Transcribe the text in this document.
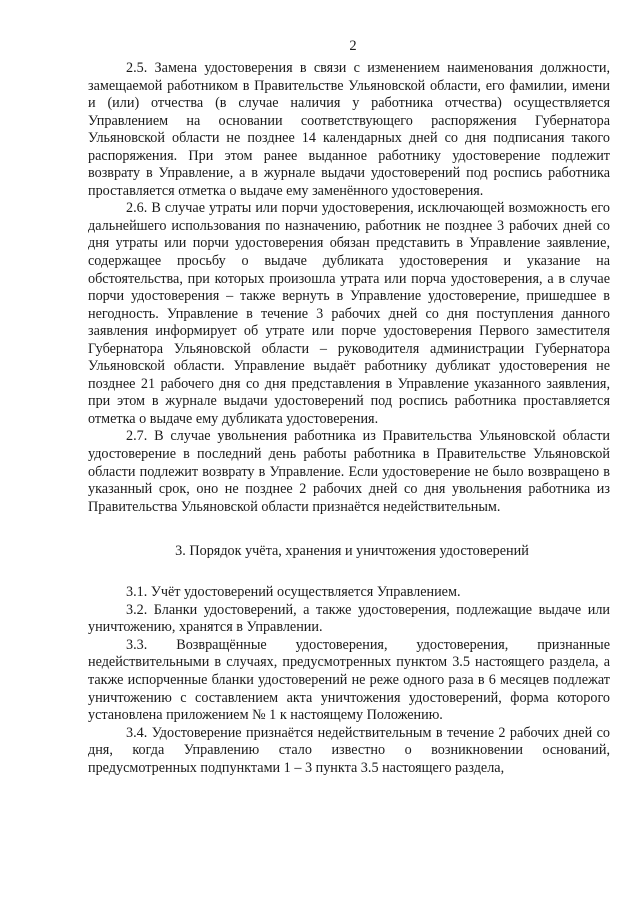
2

2.5. Замена удостоверения в связи с изменением наименования должности, замещаемой работником в Правительстве Ульяновской области, его фамилии, имени и (или) отчества (в случае наличия у работника отчества) осуществляется Управлением на основании соответствующего распоряжения Губернатора Ульяновской области не позднее 14 календарных дней со дня подписания такого распоряжения. При этом ранее выданное работнику удостоверение подлежит возврату в Управление, а в журнале выдачи удостоверений под роспись работника проставляется отметка о выдаче ему заменённого удостоверения.

2.6. В случае утраты или порчи удостоверения, исключающей возможность его дальнейшего использования по назначению, работник не позднее 3 рабочих дней со дня утраты или порчи удостоверения обязан представить в Управление заявление, содержащее просьбу о выдаче дубликата удостоверения и указание на обстоятельства, при которых произошла утрата или порча удостоверения, а в случае порчи удостоверения – также вернуть в Управление удостоверение, пришедшее в негодность. Управление в течение 3 рабочих дней со дня поступления данного заявления информирует об утрате или порче удостоверения Первого заместителя Губернатора Ульяновской области – руководителя администрации Губернатора Ульяновской области. Управление выдаёт работнику дубликат удостоверения не позднее 21 рабочего дня со дня представления в Управление указанного заявления, при этом в журнале выдачи удостоверений под роспись работника проставляется отметка о выдаче ему дубликата удостоверения.

2.7. В случае увольнения работника из Правительства Ульяновской области удостоверение в последний день работы работника в Правительстве Ульяновской области подлежит возврату в Управление. Если удостоверение не было возвращено в указанный срок, оно не позднее 2 рабочих дней со дня увольнения работника из Правительства Ульяновской области признаётся недействительным.

3. Порядок учёта, хранения и уничтожения удостоверений

3.1. Учёт удостоверений осуществляется Управлением.

3.2. Бланки удостоверений, а также удостоверения, подлежащие выдаче или уничтожению, хранятся в Управлении.

3.3. Возвращённые удостоверения, удостоверения, признанные недействительными в случаях, предусмотренных пунктом 3.5 настоящего раздела, а также испорченные бланки удостоверений не реже одного раза в 6 месяцев подлежат уничтожению с составлением акта уничтожения удостоверений, форма которого установлена приложением № 1 к настоящему Положению.

3.4. Удостоверение признаётся недействительным в течение 2 рабочих дней со дня, когда Управлению стало известно о возникновении оснований, предусмотренных подпунктами 1 – 3 пункта 3.5 настоящего раздела,
